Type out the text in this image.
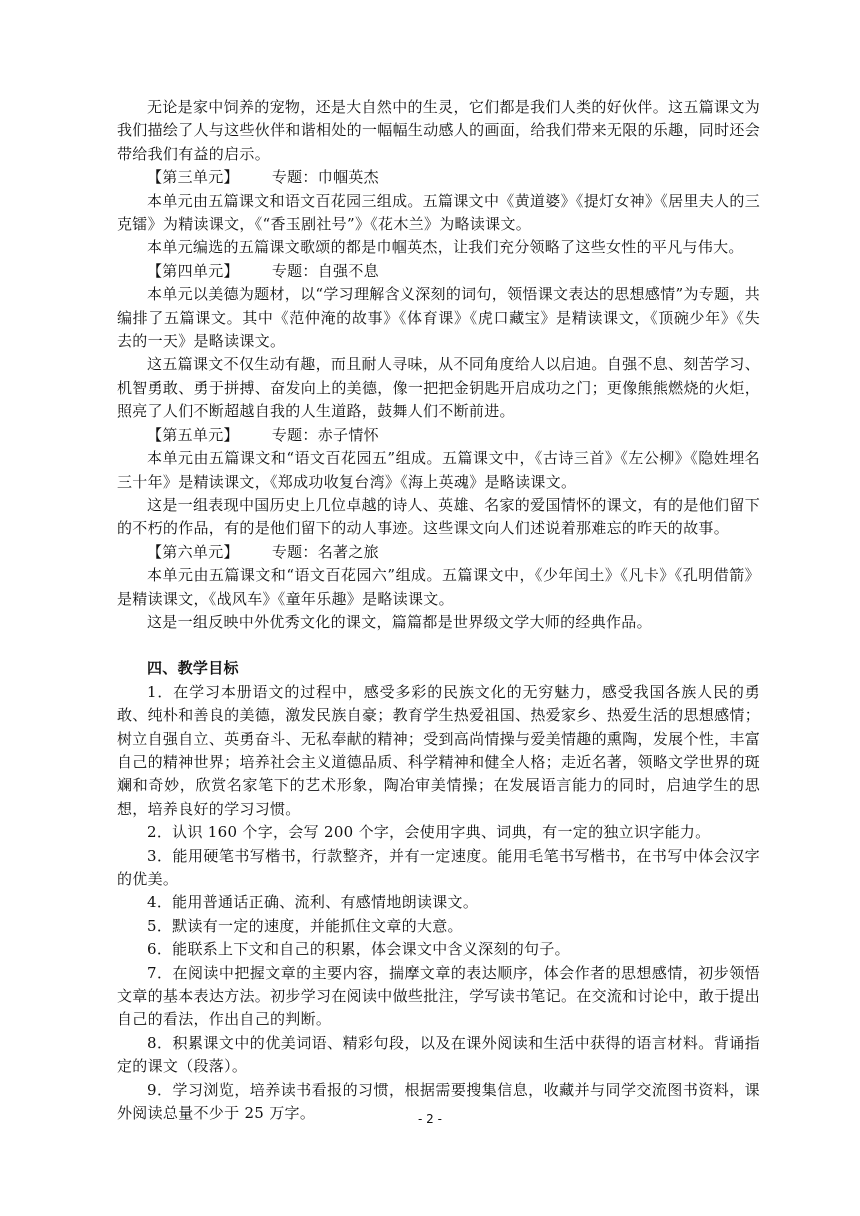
无论是家中饲养的宠物，还是大自然中的生灵，它们都是我们人类的好伙伴。这五篇课文为我们描绘了人与这些伙伴和谐相处的一幅幅生动感人的画面，给我们带来无限的乐趣，同时还会带给我们有益的启示。

【第三单元】 专题：巾帼英杰

本单元由五篇课文和语文百花园三组成。五篇课文中《黄道婆》《提灯女神》《居里夫人的三克镭》为精读课文，《“香玉剧社号”》《花木兰》为略读课文。

本单元编选的五篇课文歌颂的都是巾帼英杰，让我们充分领略了这些女性的平凡与伟大。

【第四单元】 专题：自强不息

本单元以美德为题材，以“学习理解含义深刻的词句，领悟课文表达的思想感情”为专题，共编排了五篇课文。其中《范仲淹的故事》《体育课》《虎口藏宝》是精读课文，《顶碗少年》《失去的一天》是略读课文。

这五篇课文不仅生动有趣，而且耐人寻味，从不同角度给人以启迪。自强不息、刻苦学习、机智勇敢、勇于拼搏、奋发向上的美德，像一把把金钥匙开启成功之门；更像熊熊燃烧的火炬，照亮了人们不断超越自我的人生道路，鼓舞人们不断前进。

【第五单元】 专题：赤子情怀

本单元由五篇课文和“语文百花园五”组成。五篇课文中，《古诗三首》《左公柳》《隐姓埋名三十年》是精读课文，《郑成功收复台湾》《海上英魂》是略读课文。

这是一组表现中国历史上几位卓越的诗人、英雄、名家的爱国情怀的课文，有的是他们留下的不朽的作品，有的是他们留下的动人事迹。这些课文向人们述说着那难忘的昨天的故事。

【第六单元】 专题：名著之旅

本单元由五篇课文和“语文百花园六”组成。五篇课文中，《少年闰土》《凡卡》《孔明借箭》是精读课文，《战风车》《童年乐趣》是略读课文。

这是一组反映中外优秀文化的课文，篇篇都是世界级文学大师的经典作品。

四、教学目标

1．在学习本册语文的过程中，感受多彩的民族文化的无穷魅力，感受我国各族人民的勇敢、纯朴和善良的美德，激发民族自豪；教育学生热爱祖国、热爱家乡、热爱生活的思想感情；树立自强自立、英勇奋斗、无私奉献的精神；受到高尚情操与爱美情趣的熏陶，发展个性，丰富自己的精神世界；培养社会主义道德品质、科学精神和健全人格；走近名著，领略文学世界的斑斓和奇妙，欣赏名家笔下的艺术形象，陶冶审美情操；在发展语言能力的同时，启迪学生的思想，培养良好的学习习惯。

2．认识 160 个字，会写 200 个字，会使用字典、词典，有一定的独立识字能力。

3．能用硬笔书写楷书，行款整齐，并有一定速度。能用毛笔书写楷书，在书写中体会汉字的优美。

4．能用普通话正确、流利、有感情地朗读课文。

5．默读有一定的速度，并能抓住文章的大意。

6．能联系上下文和自己的积累，体会课文中含义深刻的句子。

7．在阅读中把握文章的主要内容，揣摩文章的表达顺序，体会作者的思想感情，初步领悟文章的基本表达方法。初步学习在阅读中做些批注，学写读书笔记。在交流和讨论中，敢于提出自己的看法，作出自己的判断。

8．积累课文中的优美词语、精彩句段，以及在课外阅读和生活中获得的语言材料。背诵指定的课文（段落）。

9．学习浏览，培养读书看报的习惯，根据需要搜集信息，收藏并与同学交流图书资料，课外阅读总量不少于 25 万字。	- 2 -
